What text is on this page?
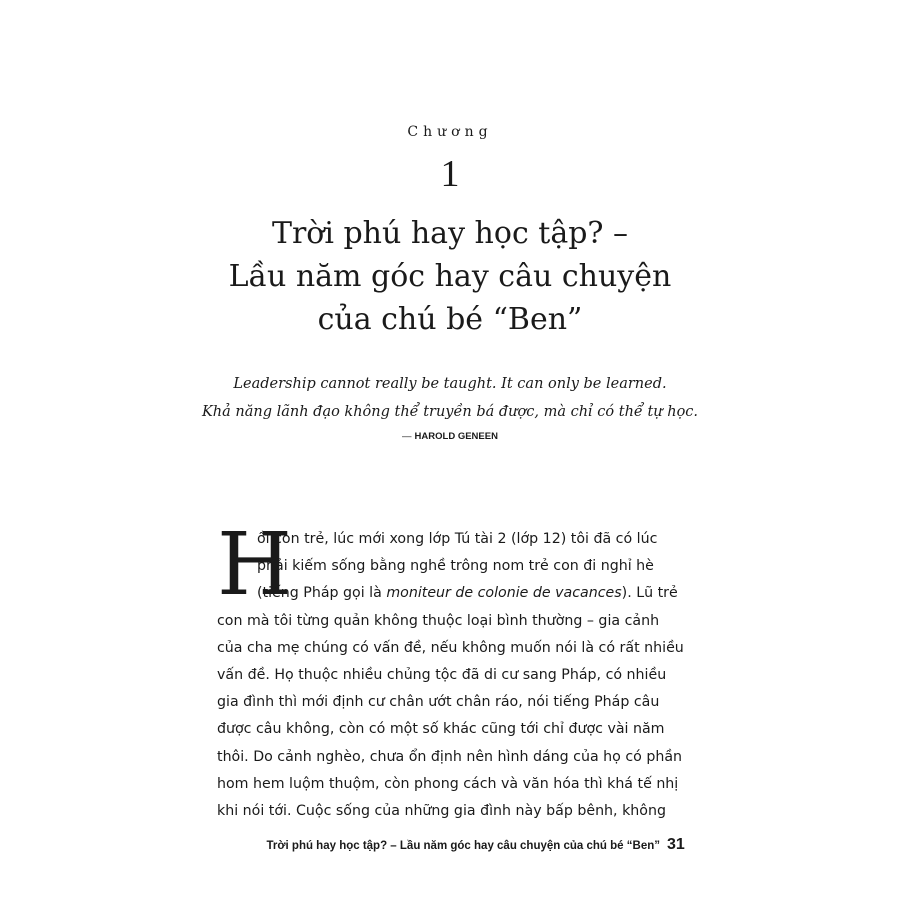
Chương
1
Trời phú hay học tập? –
Lầu năm góc hay câu chuyện
của chú bé “Ben”
Leadership cannot really be taught. It can only be learned.
Khả năng lãnh đạo không thể truyền bá được, mà chỉ có thể tự học.
— HAROLD GENEEN
H
ồi còn trẻ, lúc mới xong lớp Tú tài 2 (lớp 12) tôi đã có lúc
phải kiếm sống bằng nghề trông nom trẻ con đi nghỉ hè
(tiếng Pháp gọi là moniteur de colonie de vacances). Lũ trẻ
con mà tôi từng quản không thuộc loại bình thường – gia cảnh
của cha mẹ chúng có vấn đề, nếu không muốn nói là có rất nhiều
vấn đề. Họ thuộc nhiều chủng tộc đã di cư sang Pháp, có nhiều
gia đình thì mới định cư chân ướt chân ráo, nói tiếng Pháp câu
được câu không, còn có một số khác cũng tới chỉ được vài năm
thôi. Do cảnh nghèo, chưa ổn định nên hình dáng của họ có phần
hom hem luộm thuộm, còn phong cách và văn hóa thì khá tế nhị
khi nói tới. Cuộc sống của những gia đình này bấp bênh, không
Trời phú hay học tập? – Lầu năm góc hay câu chuyện của chú bé “Ben” 31
